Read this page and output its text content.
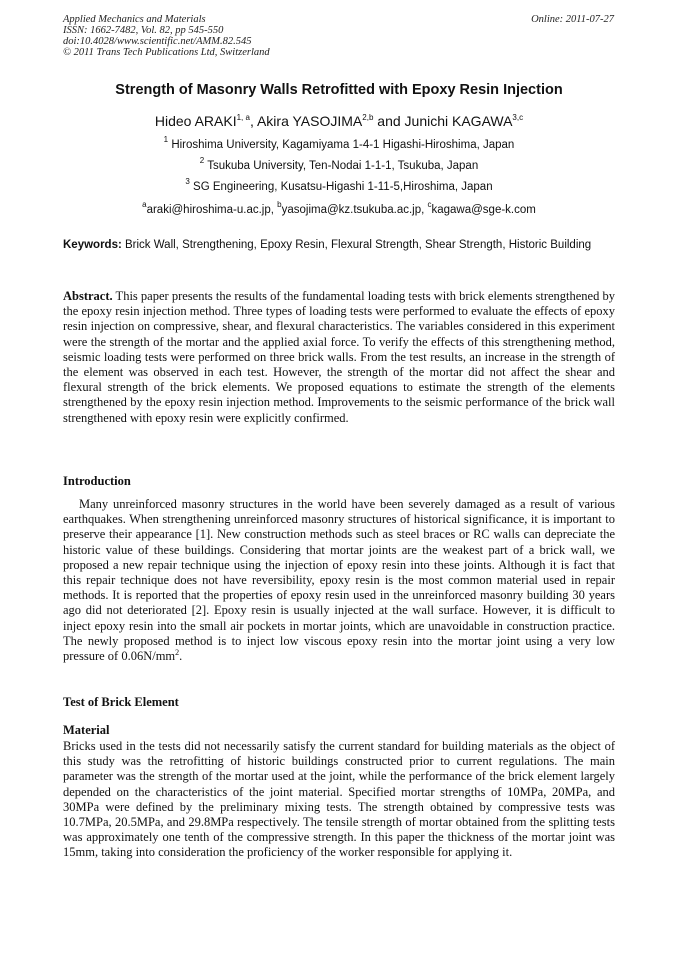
Applied Mechanics and Materials
ISSN: 1662-7482, Vol. 82, pp 545-550
doi:10.4028/www.scientific.net/AMM.82.545
© 2011 Trans Tech Publications Ltd, Switzerland
Online: 2011-07-27
Strength of Masonry Walls Retrofitted with Epoxy Resin Injection
Hideo ARAKI$^{1, a}$, Akira YASOJIMA$^{2,b}$ and Junichi KAGAWA$^{3,c}$
$^1$ Hiroshima University, Kagamiyama 1-4-1 Higashi-Hiroshima, Japan
$^2$ Tsukuba University, Ten-Nodai 1-1-1, Tsukuba, Japan
$^3$ SG Engineering, Kusatsu-Higashi 1-11-5,Hiroshima, Japan
$^a$araki@hiroshima-u.ac.jp, $^b$yasojima@kz.tsukuba.ac.jp, $^c$kagawa@sge-k.com
Keywords: Brick Wall, Strengthening, Epoxy Resin, Flexural Strength, Shear Strength, Historic Building
Abstract. This paper presents the results of the fundamental loading tests with brick elements strengthened by the epoxy resin injection method. Three types of loading tests were performed to evaluate the effects of epoxy resin injection on compressive, shear, and flexural characteristics. The variables considered in this experiment were the strength of the mortar and the applied axial force. To verify the effects of this strengthening method, seismic loading tests were performed on three brick walls. From the test results, an increase in the strength of the element was observed in each test. However, the strength of the mortar did not affect the shear and flexural strength of the brick elements. We proposed equations to estimate the strength of the elements strengthened by the epoxy resin injection method. Improvements to the seismic performance of the brick wall strengthened with epoxy resin were explicitly confirmed.
Introduction

Many unreinforced masonry structures in the world have been severely damaged as a result of various earthquakes. When strengthening unreinforced masonry structures of historical significance, it is important to preserve their appearance [1]. New construction methods such as steel braces or RC walls can depreciate the historic value of these buildings. Considering that mortar joints are the weakest part of a brick wall, we proposed a new repair technique using the injection of epoxy resin into these joints. Although it is fact that this repair technique does not have reversibility, epoxy resin is the most common material used in repair methods. It is reported that the properties of epoxy resin used in the unreinforced masonry building 30 years ago did not deteriorated [2]. Epoxy resin is usually injected at the wall surface. However, it is difficult to inject epoxy resin into the small air pockets in mortar joints, which are unavoidable in construction practice. The newly proposed method is to inject low viscous epoxy resin into the mortar joint using a very low pressure of $0.06N/mm^2$.

Test of Brick Element
Material

Bricks used in the tests did not necessarily satisfy the current standard for building materials as the object of this study was the retrofitting of historic buildings constructed prior to current regulations. The main parameter was the strength of the mortar used at the joint, while the performance of the brick element largely depended on the characteristics of the joint material. Specified mortar strengths of 10MPa, 20MPa, and 30MPa were defined by the preliminary mixing tests. The strength obtained by compressive tests was 10.7MPa, 20.5MPa, and 29.8MPa respectively. The tensile strength of mortar obtained from the splitting tests was approximately one tenth of the compressive strength. In this paper the thickness of the mortar joint was 15mm, taking into consideration the proficiency of the worker responsible for applying it.
